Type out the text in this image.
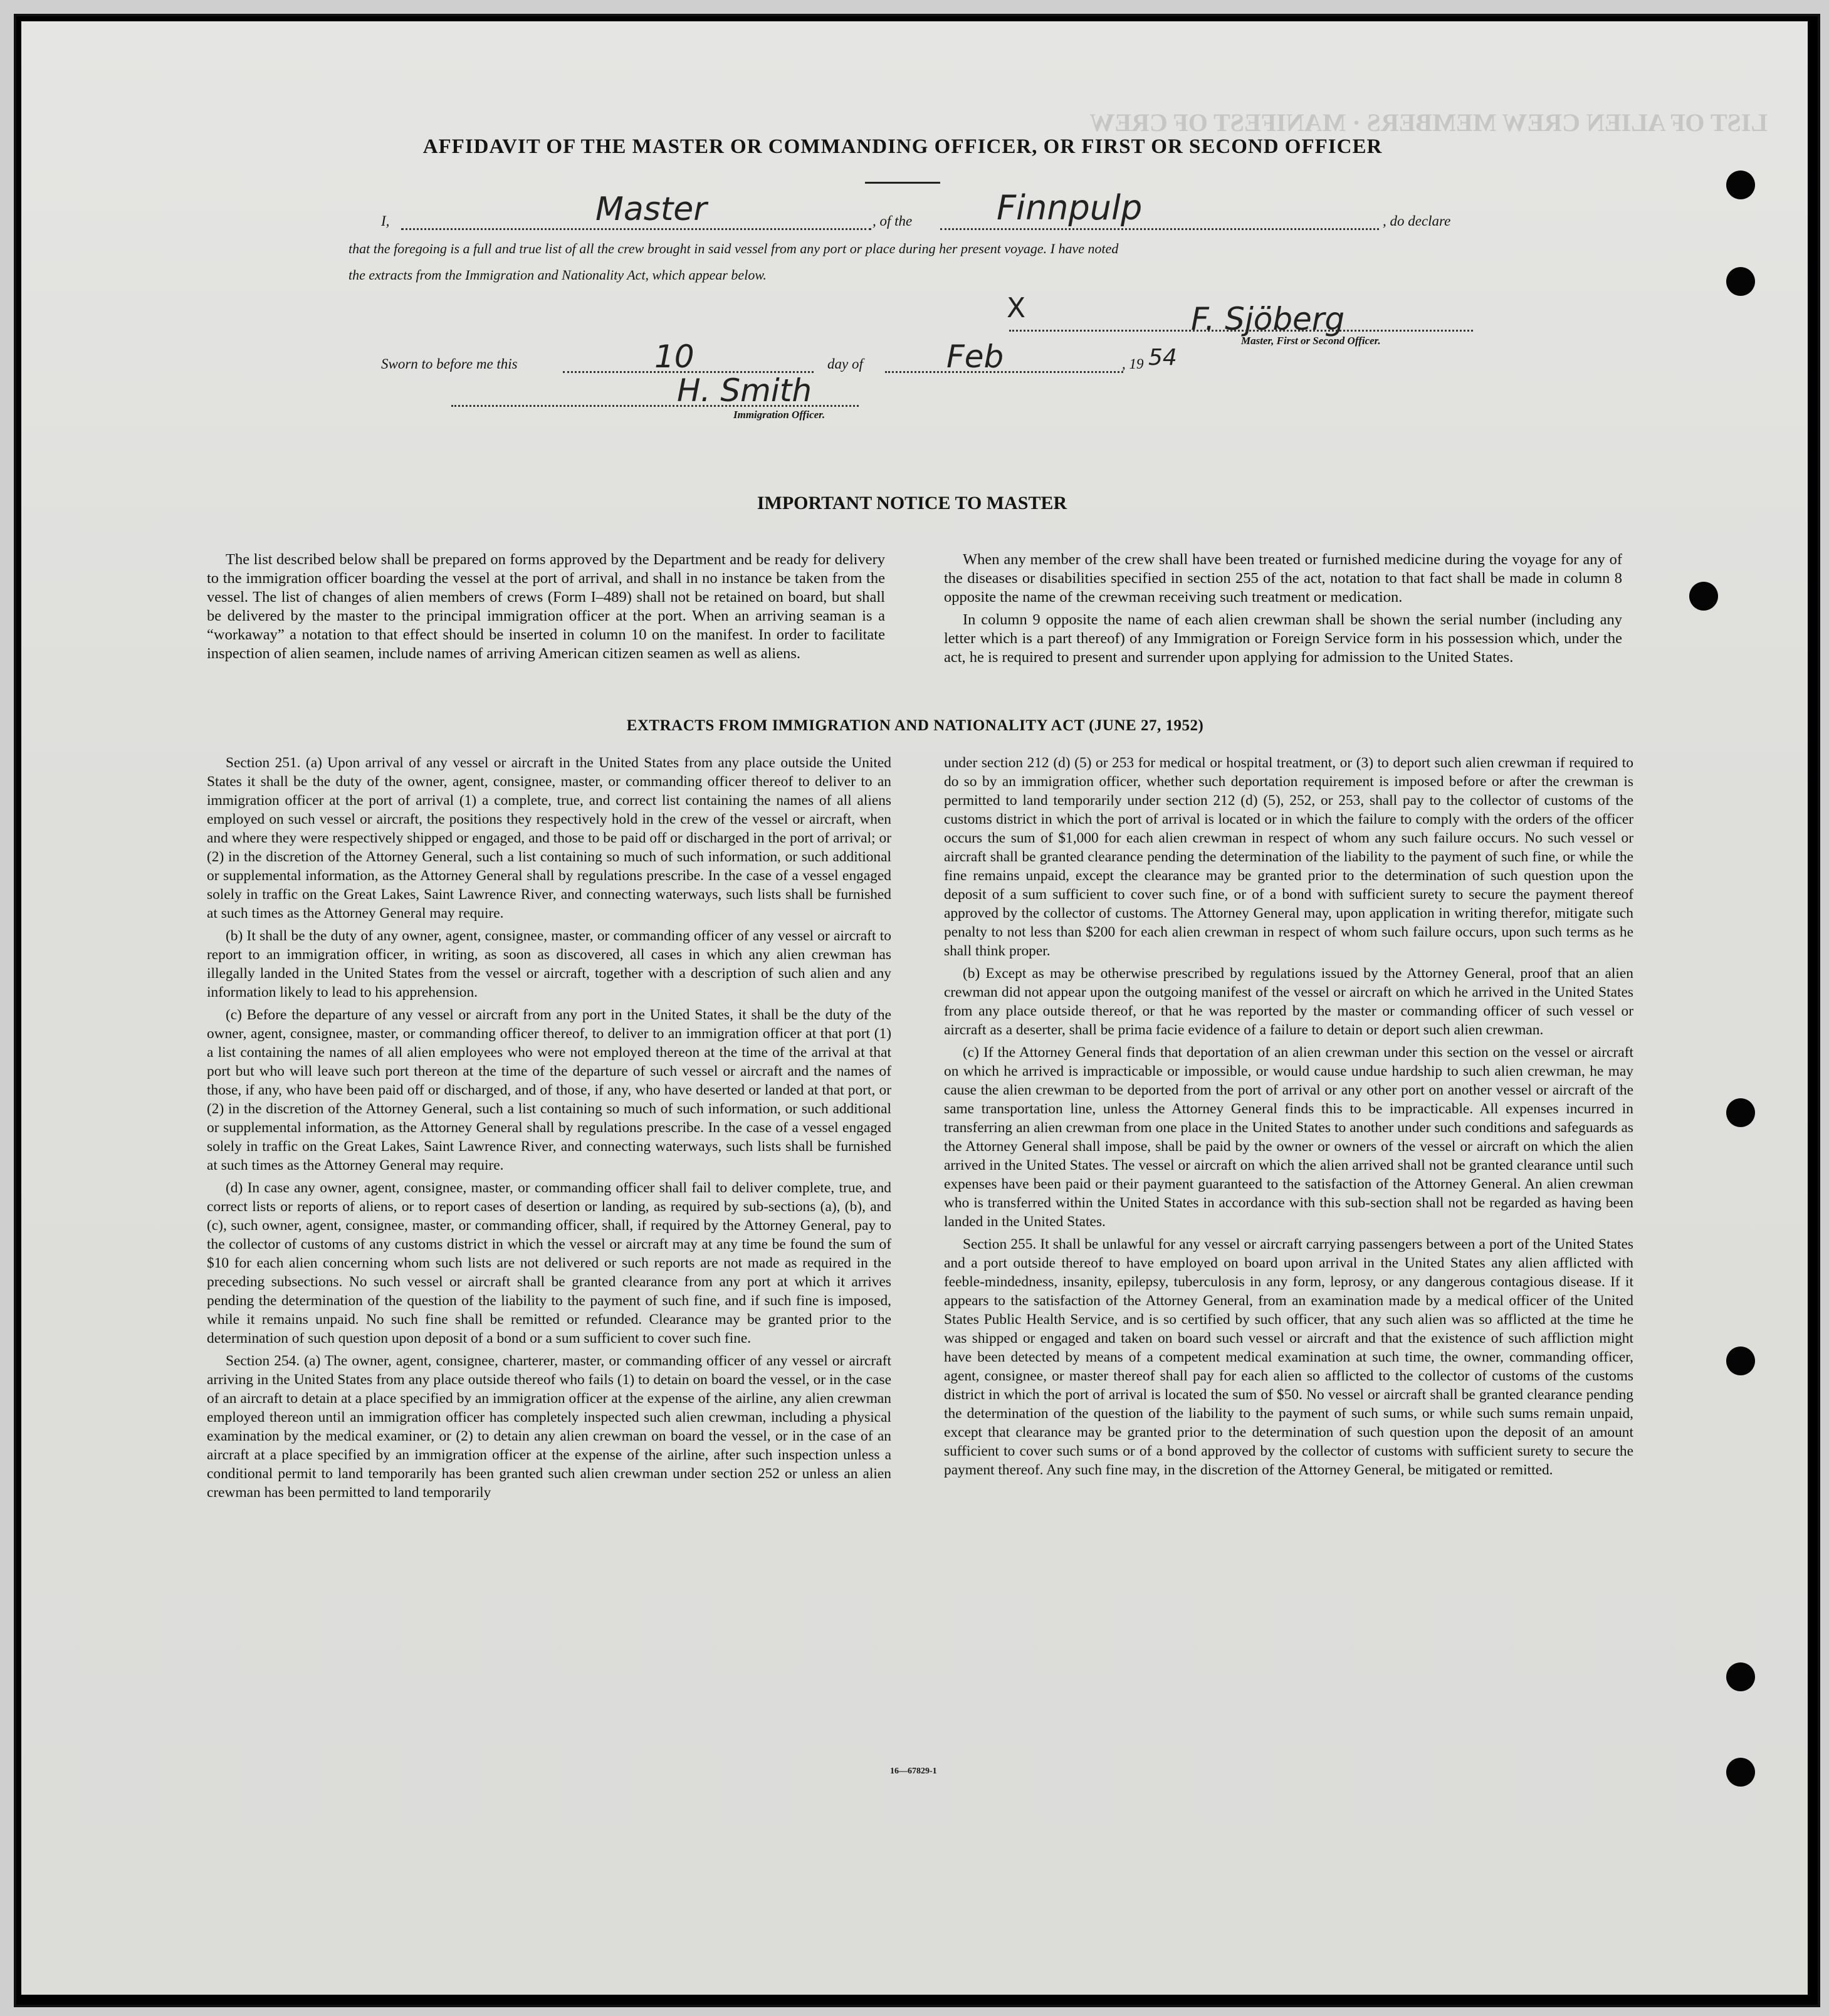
LIST OF ALIEN CREW MEMBERS · MANIFEST OF CREW
AFFIDAVIT OF THE MASTER OR COMMANDING OFFICER, OR FIRST OR SECOND OFFICER
I,	Master	, of the Finnpulp	, do declare
that the foregoing is a full and true list of all the crew brought in said vessel from any port or place during her present voyage. I have noted
the extracts from the Immigration and Nationality Act, which appear below.
X	F. Sjöberg
Master, First or Second Officer.
Sworn to before me this	10	day of	Feb	, 19 54
H. Smith
Immigration Officer.
IMPORTANT NOTICE TO MASTER

The list described below shall be prepared on forms approved by the Department and be ready for delivery to the immigration officer boarding the vessel at the port of arrival, and shall in no instance be taken from the vessel. The list of changes of alien members of crews (Form I–489) shall not be retained on board, but shall be delivered by the master to the principal immigration officer at the port. When an arriving seaman is a “workaway” a notation to that effect should be inserted in column 10 on the manifest. In order to facilitate inspection of alien seamen, include names of arriving American citizen seamen as well as aliens.

When any member of the crew shall have been treated or furnished medicine during the voyage for any of the diseases or disabilities specified in section 255 of the act, notation to that fact shall be made in column 8 opposite the name of the crewman receiving such treatment or medication.

In column 9 opposite the name of each alien crewman shall be shown the serial number (including any letter which is a part thereof) of any Immigration or Foreign Service form in his possession which, under the act, he is required to present and surrender upon applying for admission to the United States.

EXTRACTS FROM IMMIGRATION AND NATIONALITY ACT (JUNE 27, 1952)

Section 251. (a) Upon arrival of any vessel or aircraft in the United States from any place outside the United States it shall be the duty of the owner, agent, consignee, master, or commanding officer thereof to deliver to an immigration officer at the port of arrival (1) a complete, true, and correct list containing the names of all aliens employed on such vessel or aircraft, the positions they respectively hold in the crew of the vessel or aircraft, when and where they were respectively shipped or engaged, and those to be paid off or discharged in the port of arrival; or (2) in the discretion of the Attorney General, such a list containing so much of such information, or such additional or supplemental information, as the Attorney General shall by regulations prescribe. In the case of a vessel engaged solely in traffic on the Great Lakes, Saint Lawrence River, and connecting waterways, such lists shall be furnished at such times as the Attorney General may require.

(b) It shall be the duty of any owner, agent, consignee, master, or commanding officer of any vessel or aircraft to report to an immigration officer, in writing, as soon as discovered, all cases in which any alien crewman has illegally landed in the United States from the vessel or aircraft, together with a description of such alien and any information likely to lead to his apprehension.

(c) Before the departure of any vessel or aircraft from any port in the United States, it shall be the duty of the owner, agent, consignee, master, or commanding officer thereof, to deliver to an immigration officer at that port (1) a list containing the names of all alien employees who were not employed thereon at the time of the arrival at that port but who will leave such port thereon at the time of the departure of such vessel or aircraft and the names of those, if any, who have been paid off or discharged, and of those, if any, who have deserted or landed at that port, or (2) in the discretion of the Attorney General, such a list containing so much of such information, or such additional or supplemental information, as the Attorney General shall by regulations prescribe. In the case of a vessel engaged solely in traffic on the Great Lakes, Saint Lawrence River, and connecting waterways, such lists shall be furnished at such times as the Attorney General may require.

(d) In case any owner, agent, consignee, master, or commanding officer shall fail to deliver complete, true, and correct lists or reports of aliens, or to report cases of desertion or landing, as required by sub-sections (a), (b), and (c), such owner, agent, consignee, master, or commanding officer, shall, if required by the Attorney General, pay to the collector of customs of any customs district in which the vessel or aircraft may at any time be found the sum of $10 for each alien concerning whom such lists are not delivered or such reports are not made as required in the preceding subsections. No such vessel or aircraft shall be granted clearance from any port at which it arrives pending the determination of the question of the liability to the payment of such fine, and if such fine is imposed, while it remains unpaid. No such fine shall be remitted or refunded. Clearance may be granted prior to the determination of such question upon deposit of a bond or a sum sufficient to cover such fine.

Section 254. (a) The owner, agent, consignee, charterer, master, or commanding officer of any vessel or aircraft arriving in the United States from any place outside thereof who fails (1) to detain on board the vessel, or in the case of an aircraft to detain at a place specified by an immigration officer at the expense of the airline, any alien crewman employed thereon until an immigration officer has completely inspected such alien crewman, including a physical examination by the medical examiner, or (2) to detain any alien crewman on board the vessel, or in the case of an aircraft at a place specified by an immigration officer at the expense of the airline, after such inspection unless a conditional permit to land temporarily has been granted such alien crewman under section 252 or unless an alien crewman has been permitted to land temporarily

under section 212 (d) (5) or 253 for medical or hospital treatment, or (3) to deport such alien crewman if required to do so by an immigration officer, whether such deportation requirement is imposed before or after the crewman is permitted to land temporarily under section 212 (d) (5), 252, or 253, shall pay to the collector of customs of the customs district in which the port of arrival is located or in which the failure to comply with the orders of the officer occurs the sum of $1,000 for each alien crewman in respect of whom any such failure occurs. No such vessel or aircraft shall be granted clearance pending the determination of the liability to the payment of such fine, or while the fine remains unpaid, except the clearance may be granted prior to the determination of such question upon the deposit of a sum sufficient to cover such fine, or of a bond with sufficient surety to secure the payment thereof approved by the collector of customs. The Attorney General may, upon application in writing therefor, mitigate such penalty to not less than $200 for each alien crewman in respect of whom such failure occurs, upon such terms as he shall think proper.

(b) Except as may be otherwise prescribed by regulations issued by the Attorney General, proof that an alien crewman did not appear upon the outgoing manifest of the vessel or aircraft on which he arrived in the United States from any place outside thereof, or that he was reported by the master or commanding officer of such vessel or aircraft as a deserter, shall be prima facie evidence of a failure to detain or deport such alien crewman.

(c) If the Attorney General finds that deportation of an alien crewman under this section on the vessel or aircraft on which he arrived is impracticable or impossible, or would cause undue hardship to such alien crewman, he may cause the alien crewman to be deported from the port of arrival or any other port on another vessel or aircraft of the same transportation line, unless the Attorney General finds this to be impracticable. All expenses incurred in transferring an alien crewman from one place in the United States to another under such conditions and safeguards as the Attorney General shall impose, shall be paid by the owner or owners of the vessel or aircraft on which the alien arrived in the United States. The vessel or aircraft on which the alien arrived shall not be granted clearance until such expenses have been paid or their payment guaranteed to the satisfaction of the Attorney General. An alien crewman who is transferred within the United States in accordance with this sub-section shall not be regarded as having been landed in the United States.

Section 255. It shall be unlawful for any vessel or aircraft carrying passengers between a port of the United States and a port outside thereof to have employed on board upon arrival in the United States any alien afflicted with feeble-mindedness, insanity, epilepsy, tuberculosis in any form, leprosy, or any dangerous contagious disease. If it appears to the satisfaction of the Attorney General, from an examination made by a medical officer of the United States Public Health Service, and is so certified by such officer, that any such alien was so afflicted at the time he was shipped or engaged and taken on board such vessel or aircraft and that the existence of such affliction might have been detected by means of a competent medical examination at such time, the owner, commanding officer, agent, consignee, or master thereof shall pay for each alien so afflicted to the collector of customs of the customs district in which the port of arrival is located the sum of $50. No vessel or aircraft shall be granted clearance pending the determination of the question of the liability to the payment of such sums, or while such sums remain unpaid, except that clearance may be granted prior to the determination of such question upon the deposit of an amount sufficient to cover such sums or of a bond approved by the collector of customs with sufficient surety to secure the payment thereof. Any such fine may, in the discretion of the Attorney General, be mitigated or remitted.

16—67829-1
